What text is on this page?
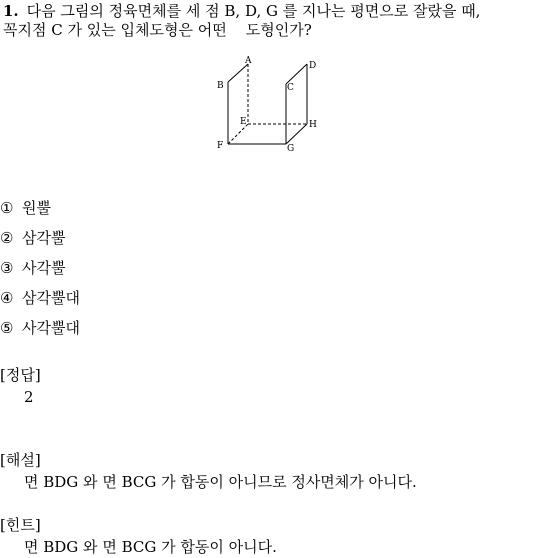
1. 다음 그림의 정육면체를 세 점 B, D, G 를 지나는 평면으로 잘랐을 때,
꼭지점 C 가 있는 입체도형은 어떤    도형인가?
A
B	C
D
E
F	G
H
① 원뿔
② 삼각뿔
③ 사각뿔
④ 삼각뿔대
⑤ 사각뿔대
[정답]
2
[해설]
면 BDG 와 면 BCG 가 합동이 아니므로 정사면체가 아니다.
[힌트]
면 BDG 와 면 BCG 가 합동이 아니다.
